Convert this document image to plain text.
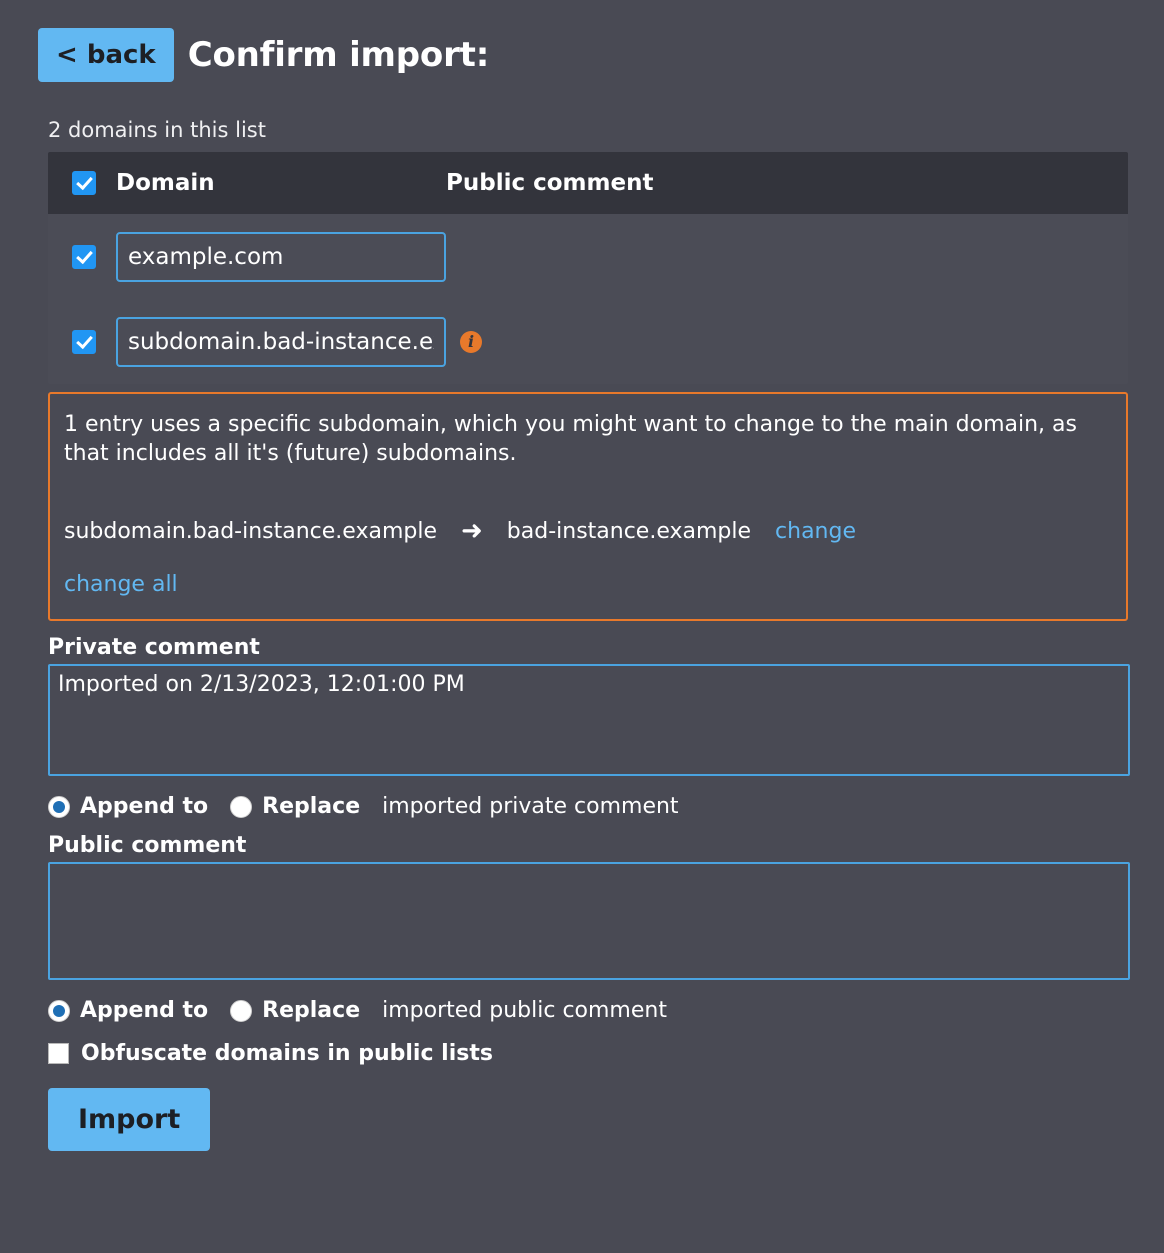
< back Confirm import:
2 domains in this list
Domain	Public comment
example.com
subdomain.bad-instance.ex
i
1 entry uses a specific subdomain, which you might want to change to the main domain, as that includes all it's (future) subdomains.
subdomain.bad-instance.example ➜ bad-instance.example change
change all
Private comment
Imported on 2/13/2023, 12:01:00 PM
Append to Replace imported private comment
Public comment
Append to Replace imported public comment
Obfuscate domains in public lists
Import
